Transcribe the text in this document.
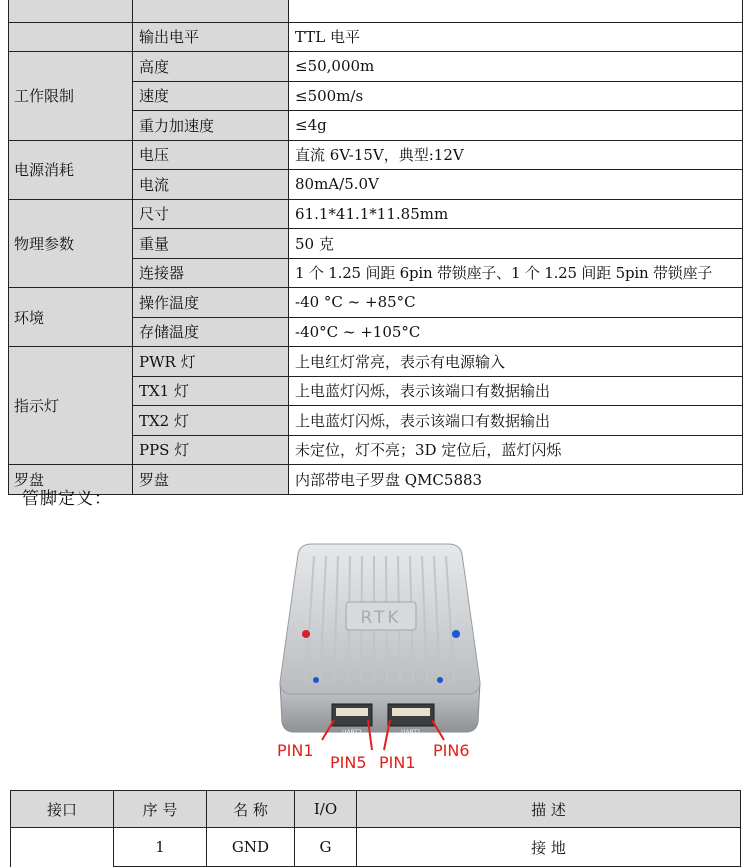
	输出电平	TTL 电平
工作限制	高度	≤50,000m
	速度	≤500m/s
	重力加速度	≤4g
电源消耗	电压	直流 6V-15V，典型:12V
	电流	80mA/5.0V
物理参数	尺寸	61.1*41.1*11.85mm
	重量	50 克
	连接器	1 个 1.25 间距 6pin 带锁座子、1 个 1.25 间距 5pin 带锁座子
环境	操作温度	-40 °C ~ +85°C
	存储温度	-40°C ~ +105°C
指示灯	PWR 灯	上电红灯常亮，表示有电源输入
	TX1 灯	上电蓝灯闪烁，表示该端口有数据输出
	TX2 灯	上电蓝灯闪烁，表示该端口有数据输出
	PPS 灯	未定位，灯不亮；3D 定位后，蓝灯闪烁
罗盘	罗盘	内部带电子罗盘 QMC5883
管脚定义：
RTK
UART2	UART1
PIN1
PIN5 PIN1
PIN6
接口	序 号	名 称	I/O	描 述
	1	GND	G	接 地
